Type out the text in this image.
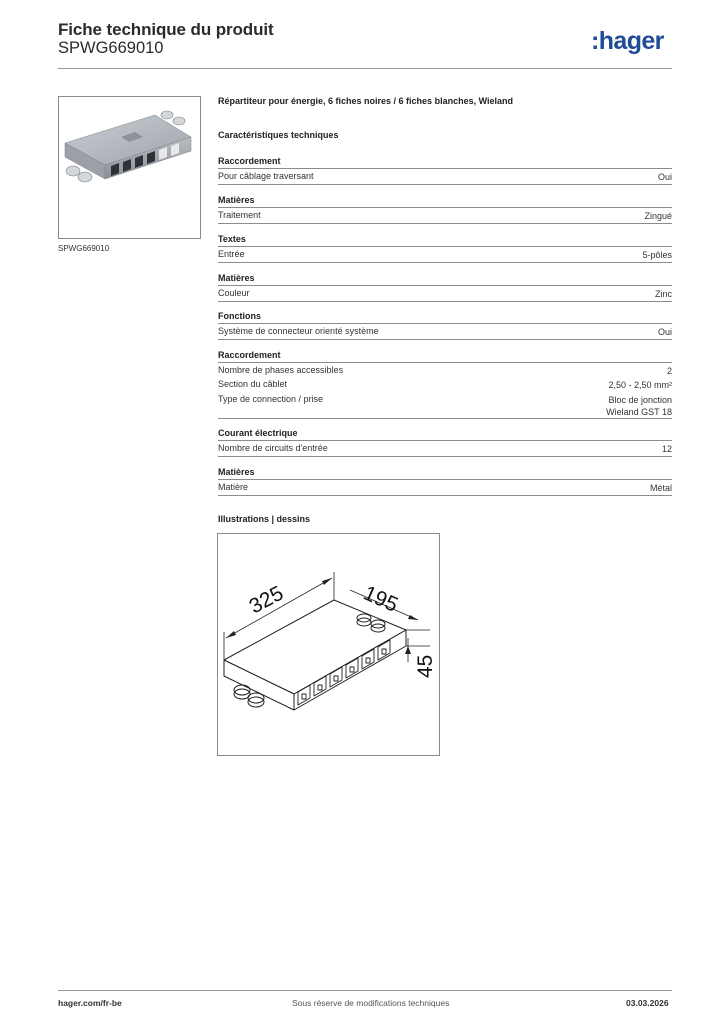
Fiche technique du produit
SPWG669010	:hager
SPWG669010
Répartiteur pour énergie, 6 fiches noires / 6 fiches blanches, Wieland
Caractéristiques techniques
Raccordement
Pour câblage traversant	Oui
Matières
Traitement	Zingué
Textes
Entrée	5-pôles
Matières
Couleur	Zinc
Fonctions
Système de connecteur orienté système	Oui
Raccordement
Nombre de phases accessibles	2
Section du câblet	2,50 - 2,50 mm²
Type de connection / prise	Bloc de jonction
Wieland GST 18
Courant électrique
Nombre de circuits d'entrée	12
Matières
Matière	Métal
Illustrations | dessins
325	195
45
hager.com/fr-be	Sous réserve de modifications techniques	03.03.2026
